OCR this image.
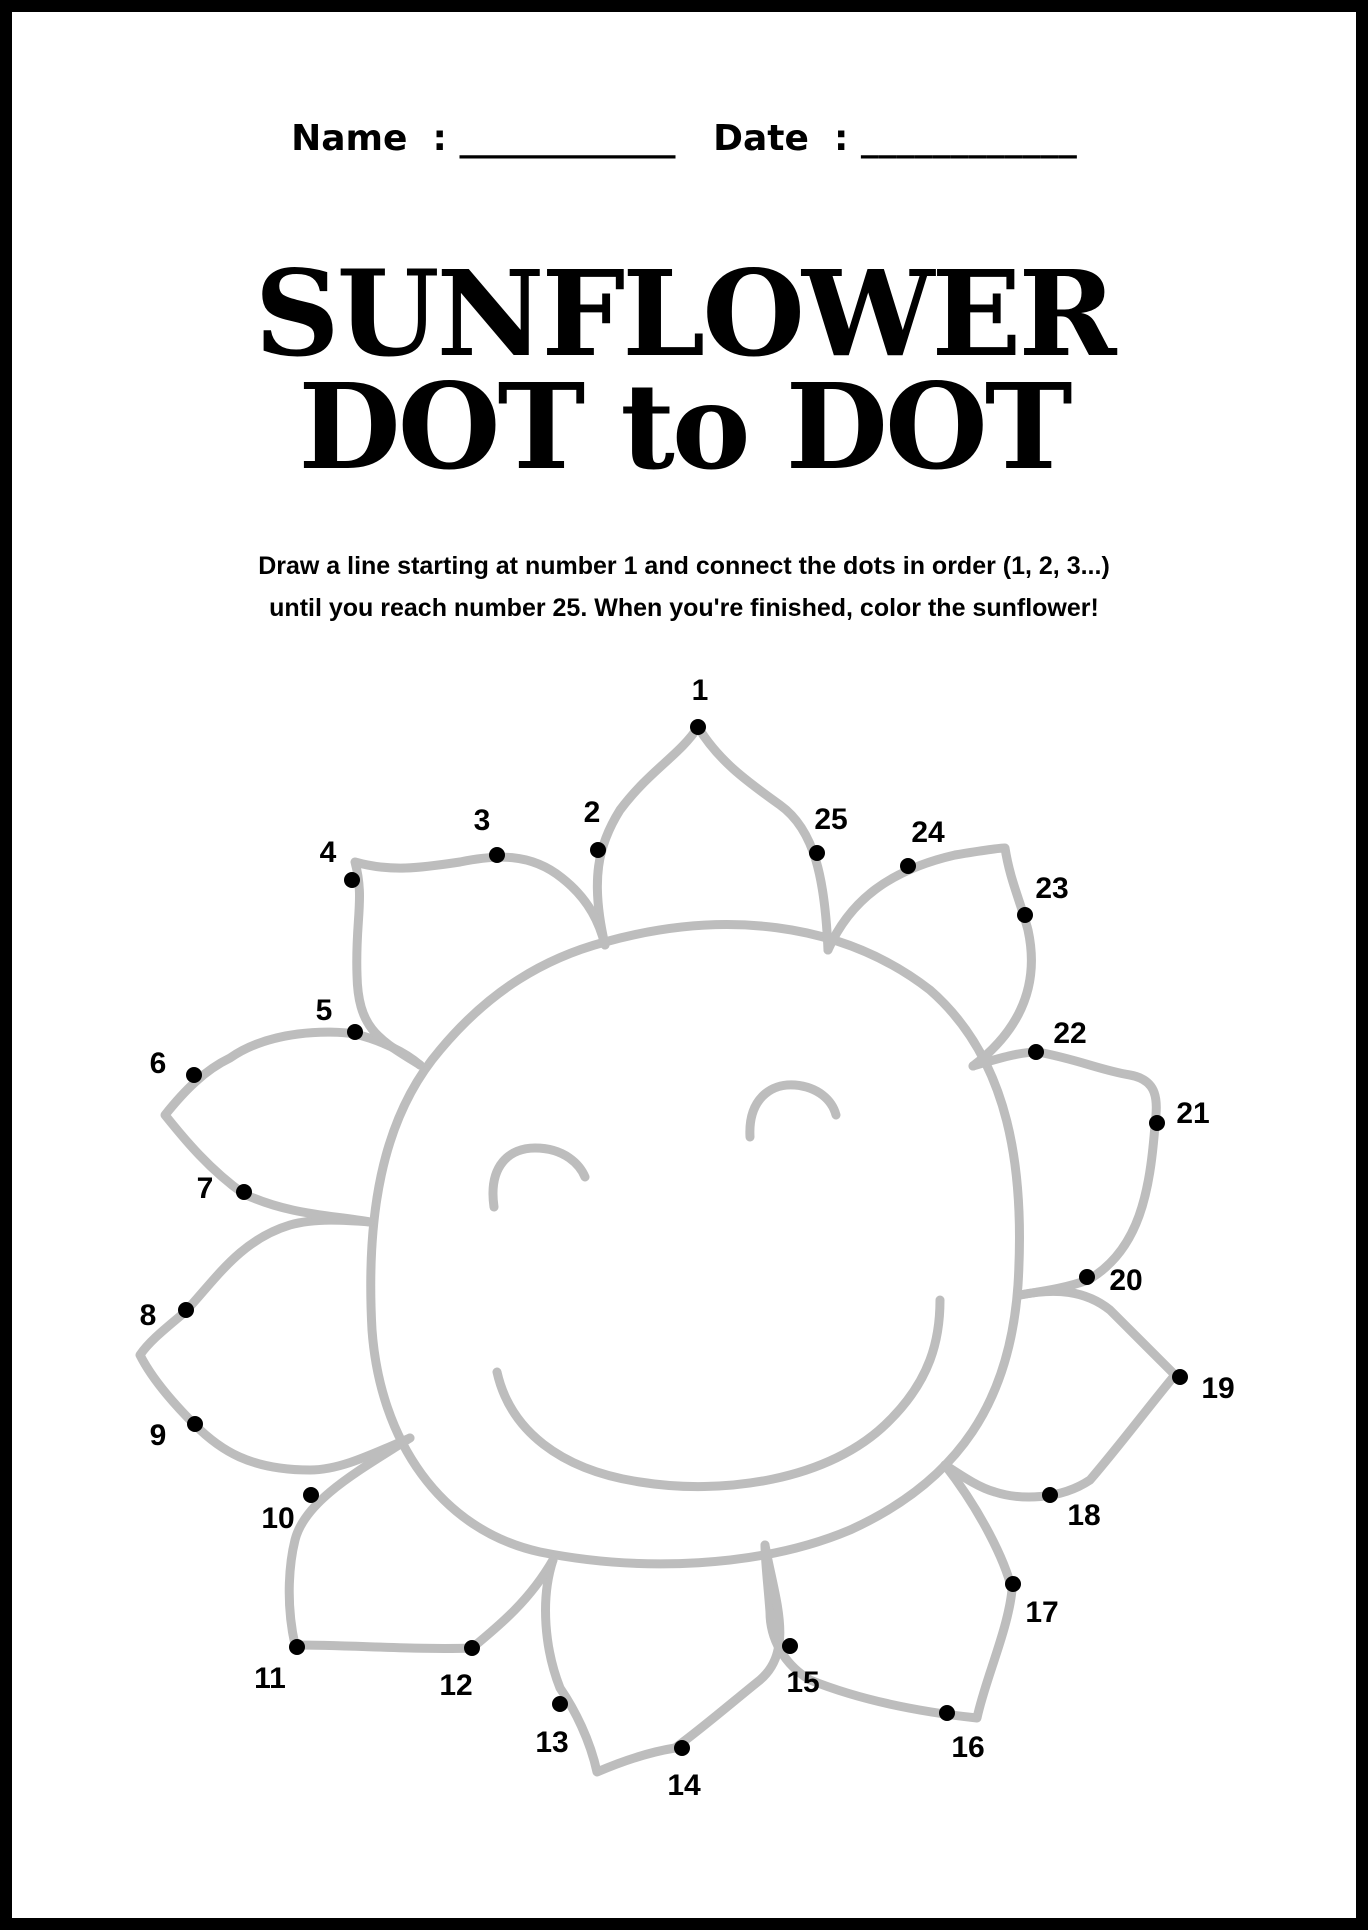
Name : ____________ Date : ____________
SUNFLOWER
DOT to DOT
Draw a line starting at number 1 and connect the dots in order (1, 2, 3...)
until you reach number 25. When you're finished, color the sunflower!
1
2
3
4
5
6
7
8
9
10
11	12
13
14
15
16
17
18
19
20
21
22
23
24
25
